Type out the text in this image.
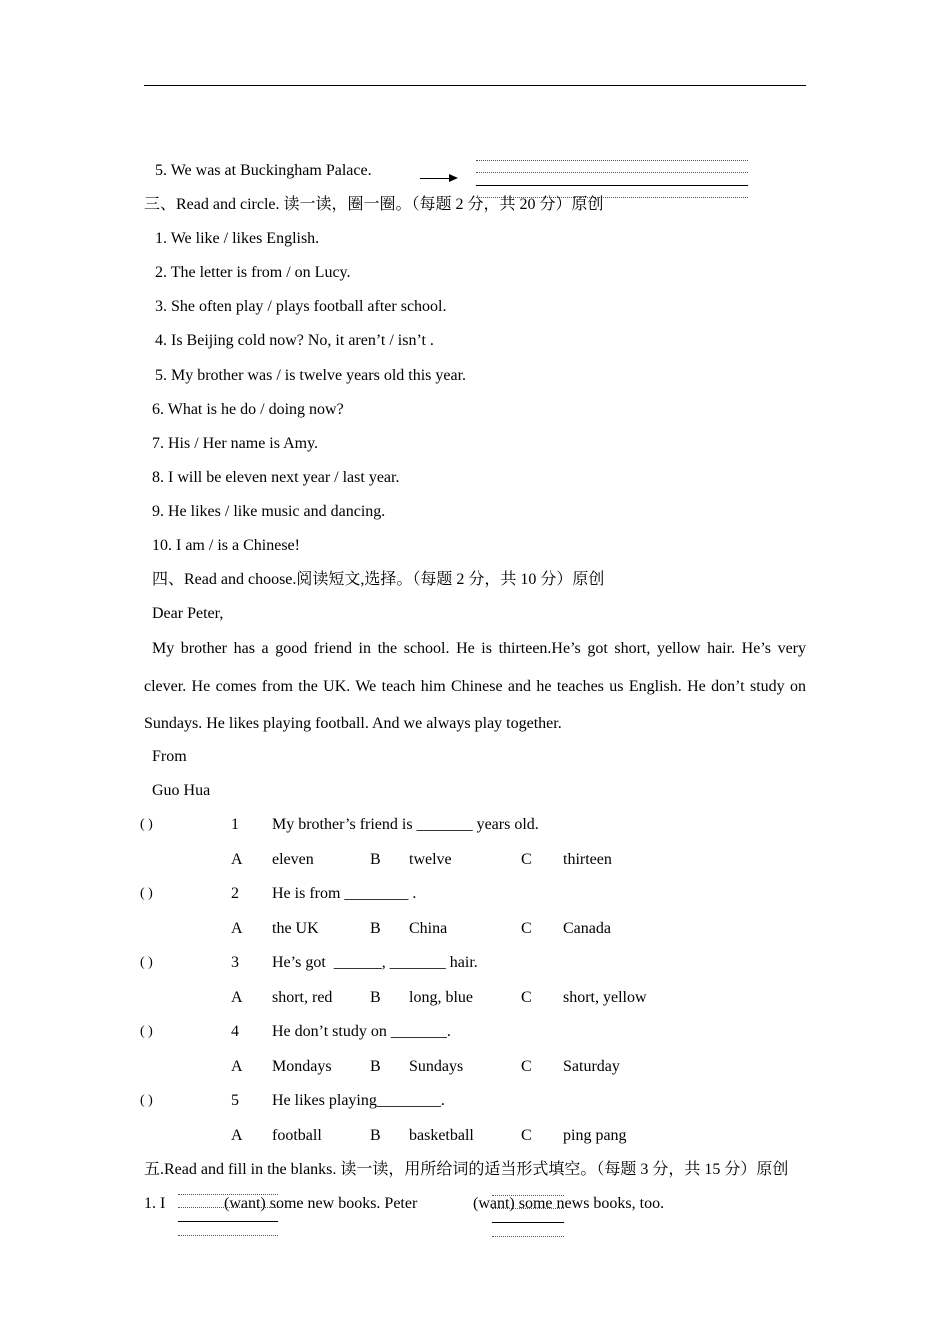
5. We was at Buckingham Palace.
三、Read and circle. 读一读，圈一圈。（每题 2 分，共 20 分）原创
1. We like / likes English.
2. The letter is from / on Lucy.
3. She often play / plays football after school.
4. Is Beijing cold now? No, it aren’t / isn’t .
5. My brother was / is twelve years old this year.
6. What is he do / doing now?
7. His / Her name is Amy.
8. I will be eleven next year / last year.
9. He likes / like music and dancing.
10. I am / is a Chinese!
四、Read and choose.阅读短文,选择。（每题 2 分，共 10 分）原创
Dear Peter,
My brother has a good friend in the school. He is thirteen.He’s got short, yellow hair. He’s very clever. He comes from the UK. We teach him Chinese and he teaches us English. He don’t study on Sundays. He likes playing football. And we always play together.
From
Guo Hua
( )	1 My brother’s friend is _______ years old.
A eleven	B twelve	C thirteen
( )	2 He is from ________ .
A the UK	B China	C Canada
( )	3 He’s got  ______, _______ hair.
A short, red B long, blue	C short, yellow
( )	4 He don’t study on _______.
A Mondays B Sundays	C Saturday
( )	5 He likes playing________.
A football	B basketball	C ping pang
五.Read and fill in the blanks. 读一读，用所给词的适当形式填空。（每题 3 分，共 15 分）原创
1. I	(want) some new books. Peter	(want) some news books, too.
